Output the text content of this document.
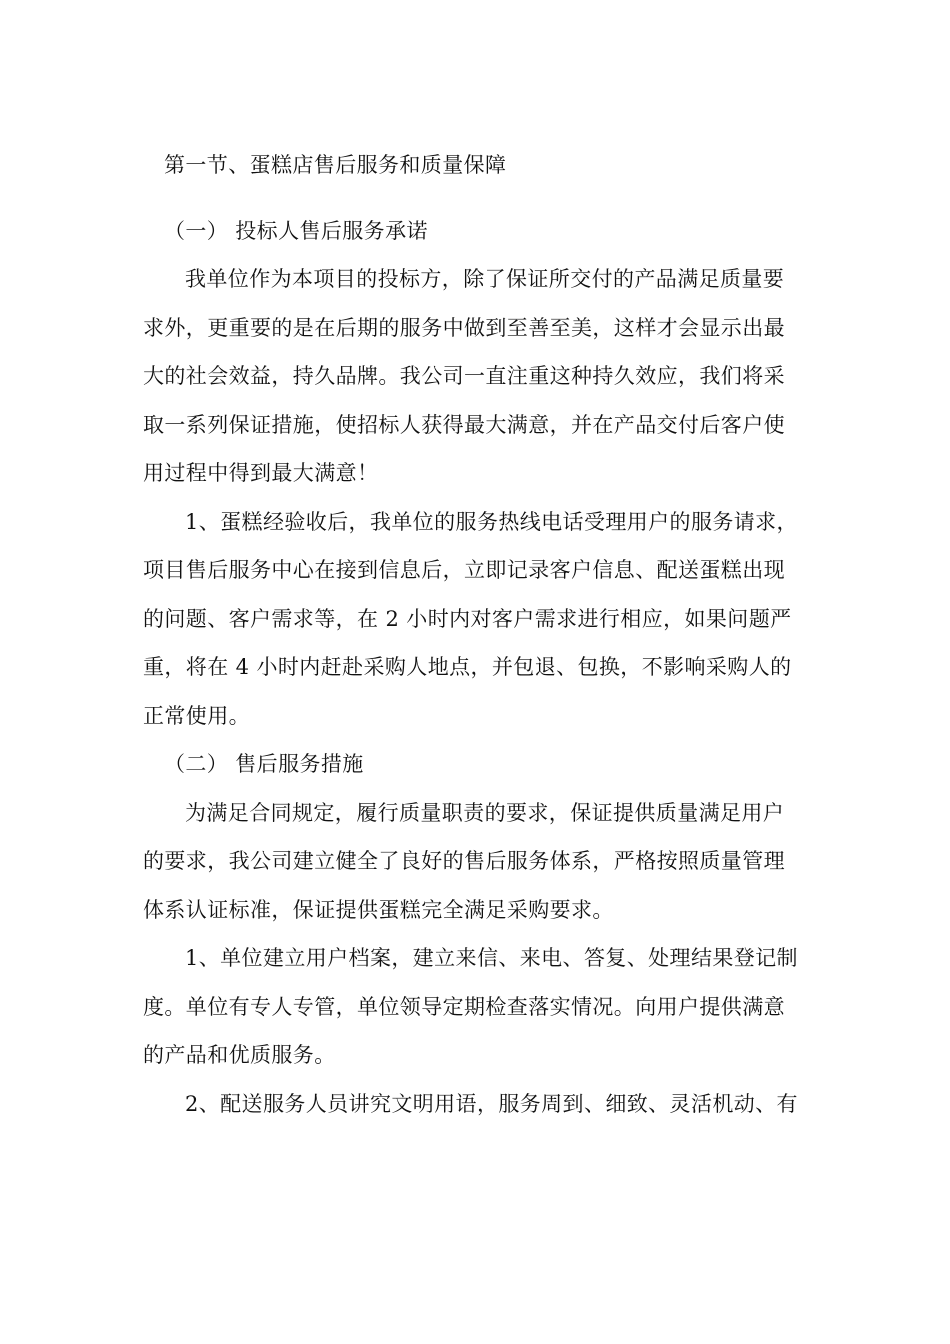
第一节、蛋糕店售后服务和质量保障
（一） 投标人售后服务承诺
我单位作为本项目的投标方，除了保证所交付的产品满足质量要
求外，更重要的是在后期的服务中做到至善至美，这样才会显示出最
大的社会效益，持久品牌。我公司一直注重这种持久效应，我们将采
取一系列保证措施，使招标人获得最大满意，并在产品交付后客户使
用过程中得到最大满意！
1、蛋糕经验收后，我单位的服务热线电话受理用户的服务请求，
项目售后服务中心在接到信息后，立即记录客户信息、配送蛋糕出现
的问题、客户需求等，在 2 小时内对客户需求进行相应，如果问题严
重，将在 4 小时内赶赴采购人地点，并包退、包换，不影响采购人的
正常使用。
（二） 售后服务措施
为满足合同规定，履行质量职责的要求，保证提供质量满足用户
的要求，我公司建立健全了良好的售后服务体系，严格按照质量管理
体系认证标准，保证提供蛋糕完全满足采购要求。
1、单位建立用户档案，建立来信、来电、答复、处理结果登记制
度。单位有专人专管，单位领导定期检查落实情况。向用户提供满意
的产品和优质服务。
2、配送服务人员讲究文明用语，服务周到、细致、灵活机动、有
